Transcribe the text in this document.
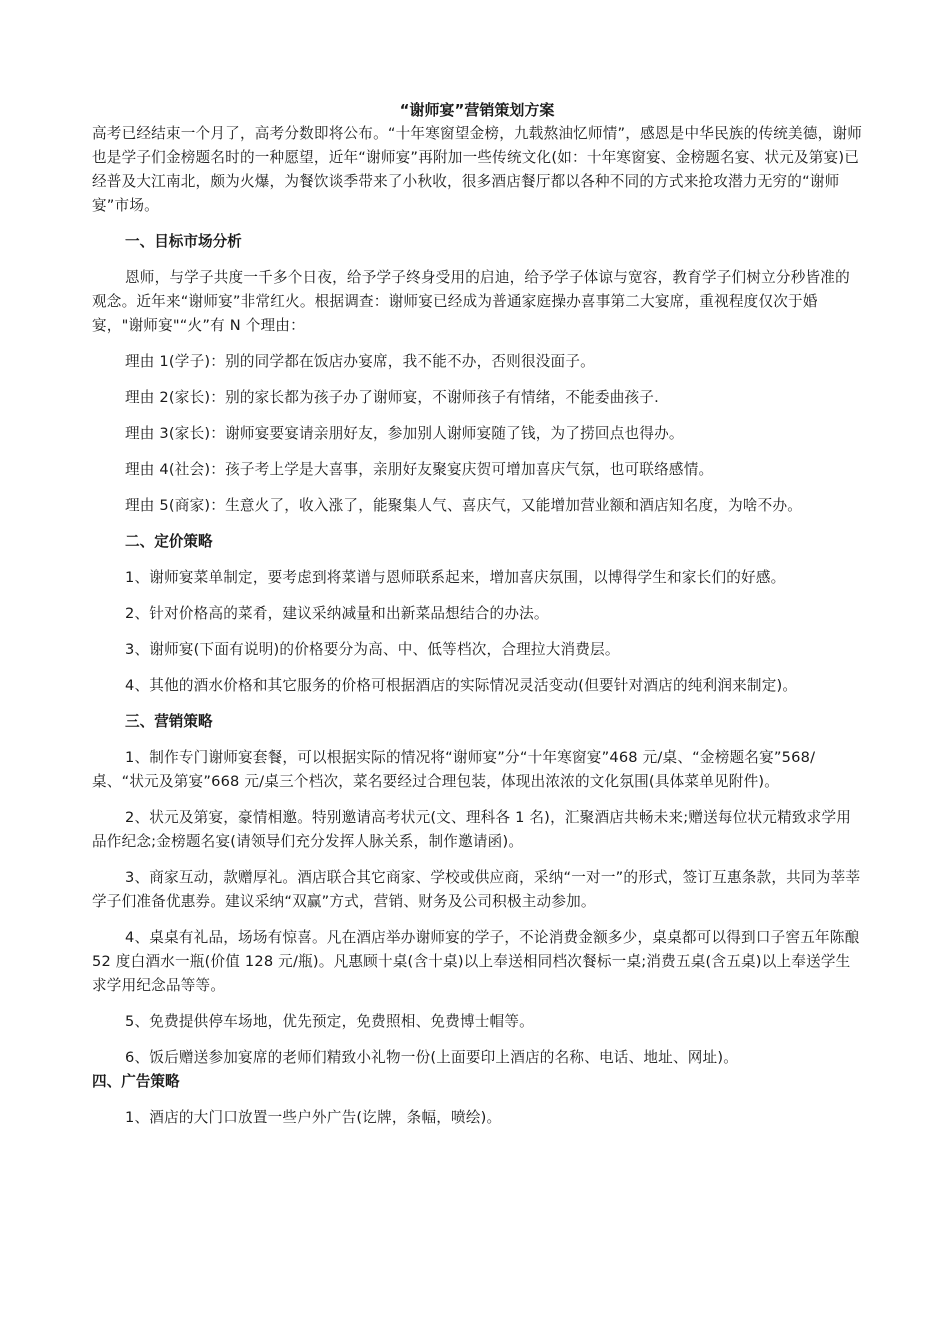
“谢师宴”营销策划方案

高考已经结束一个月了，高考分数即将公布。“十年寒窗望金榜，九载熬油忆师情”，感恩是中华民族的传统美德，谢师也是学子们金榜题名时的一种愿望，近年“谢师宴”再附加一些传统文化(如：十年寒窗宴、金榜题名宴、状元及第宴)已经普及大江南北，颇为火爆，为餐饮谈季带来了小秋收，很多酒店餐厅都以各种不同的方式来抢攻潜力无穷的“谢师宴”市场。

一、目标市场分析

恩师，与学子共度一千多个日夜，给予学子终身受用的启迪，给予学子体谅与宽容，教育学子们树立分秒皆准的观念。近年来“谢师宴”非常红火。根据调查：谢师宴已经成为普通家庭操办喜事第二大宴席，重视程度仅次于婚宴，"谢师宴"“火”有 N 个理由：

理由 1(学子)：别的同学都在饭店办宴席，我不能不办，否则很没面子。

理由 2(家长)：别的家长都为孩子办了谢师宴，不谢师孩子有情绪，不能委曲孩子.

理由 3(家长)：谢师宴要宴请亲朋好友，参加别人谢师宴随了钱，为了捞回点也得办。

理由 4(社会)：孩子考上学是大喜事，亲朋好友聚宴庆贺可增加喜庆气氛，也可联络感情。

理由 5(商家)：生意火了，收入涨了，能聚集人气、喜庆气，又能增加营业额和酒店知名度，为啥不办。

二、定价策略

1、谢师宴菜单制定，要考虑到将菜谱与恩师联系起来，增加喜庆氛围，以博得学生和家长们的好感。

2、针对价格高的菜肴，建议采纳减量和出新菜品想结合的办法。

3、谢师宴(下面有说明)的价格要分为高、中、低等档次，合理拉大消费层。

4、其他的酒水价格和其它服务的价格可根据酒店的实际情况灵活变动(但要针对酒店的纯利润来制定)。

三、营销策略

1、制作专门谢师宴套餐，可以根据实际的情况将“谢师宴”分“十年寒窗宴”468 元/桌、“金榜题名宴”568/桌、“状元及第宴”668 元/桌三个档次，菜名要经过合理包装，体现出浓浓的文化氛围(具体菜单见附件)。

2、状元及第宴，豪情相邀。特别邀请高考状元(文、理科各 1 名)，汇聚酒店共畅未来;赠送每位状元精致求学用品作纪念;金榜题名宴(请领导们充分发挥人脉关系，制作邀请函)。

3、商家互动，款赠厚礼。酒店联合其它商家、学校或供应商，采纳“一对一”的形式，签订互惠条款，共同为莘莘学子们准备优惠券。建议采纳“双赢”方式，营销、财务及公司积极主动参加。

4、桌桌有礼品，场场有惊喜。凡在酒店举办谢师宴的学子，不论消费金额多少，桌桌都可以得到口子窖五年陈酿 52 度白酒水一瓶(价值 128 元/瓶)。凡惠顾十桌(含十桌)以上奉送相同档次餐标一桌;消费五桌(含五桌)以上奉送学生求学用纪念品等等。

5、免费提供停车场地，优先预定，免费照相、免费博士帽等。

6、饭后赠送参加宴席的老师们精致小礼物一份(上面要印上酒店的名称、电话、地址、网址)。

四、广告策略

1、酒店的大门口放置一些户外广告(讫牌，条幅，喷绘)。
